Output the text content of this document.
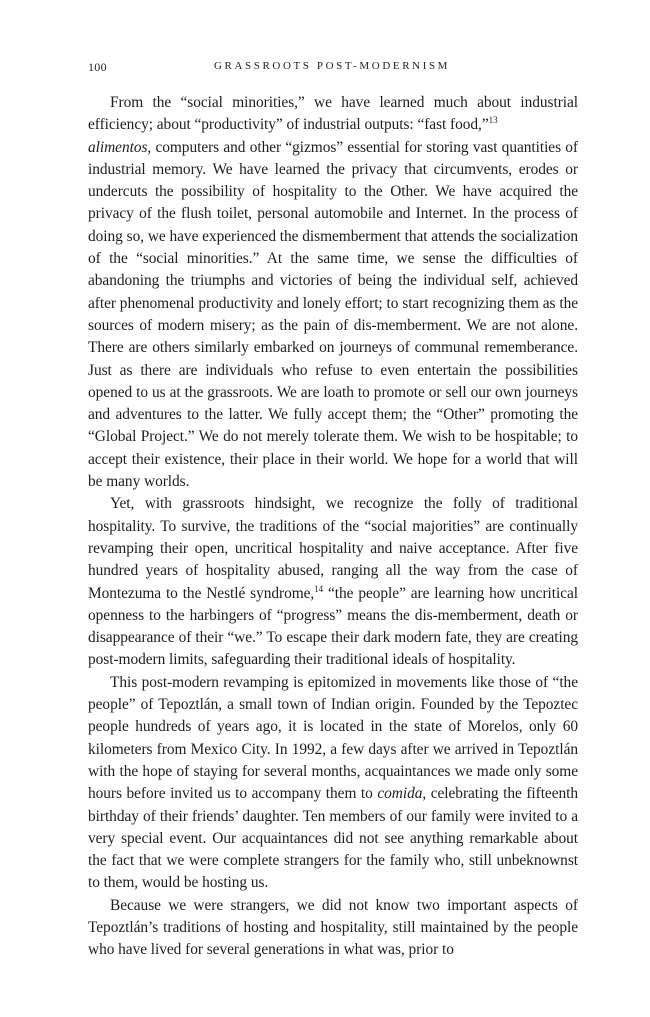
100	GRASSROOTS POST-MODERNISM

From the “social minorities,” we have learned much about industrial efficiency; about “productivity” of industrial outputs: “fast food,”$^{13}$
alimentos, computers and other “gizmos” essential for storing vast quantities of industrial memory. We have learned the privacy that circumvents, erodes or undercuts the possibility of hospitality to the Other. We have acquired the privacy of the flush toilet, personal automobile and Internet. In the process of doing so, we have experienced the dismemberment that attends the socialization of the “social minorities.” At the same time, we sense the difficulties of abandoning the triumphs and victories of being the individual self, achieved after phenomenal productivity and lonely effort; to start recognizing them as the sources of modern misery; as the pain of dis-memberment. We are not alone. There are others similarly embarked on journeys of communal rememberance. Just as there are individuals who refuse to even entertain the possibilities opened to us at the grassroots. We are loath to promote or sell our own journeys and adventures to the latter. We fully accept them; the “Other” promoting the “Global Project.” We do not merely tolerate them. We wish to be hospitable; to accept their existence, their place in their world. We hope for a world that will be many worlds.

Yet, with grassroots hindsight, we recognize the folly of traditional hospitality. To survive, the traditions of the “social majorities” are continually revamping their open, uncritical hospitality and naive acceptance. After five hundred years of hospitality abused, ranging all the way from the case of Montezuma to the Nestlé syndrome,$^{14}$ “the people” are learning how uncritical openness to the harbingers of “progress” means the dis-memberment, death or disappearance of their “we.” To escape their dark modern fate, they are creating post-modern limits, safeguarding their traditional ideals of hospitality.

This post-modern revamping is epitomized in movements like those of “the people” of Tepoztlán, a small town of Indian origin. Founded by the Tepoztec people hundreds of years ago, it is located in the state of Morelos, only 60 kilometers from Mexico City. In 1992, a few days after we arrived in Tepoztlán with the hope of staying for several months, acquaintances we made only some hours before invited us to accompany them to comida, celebrating the fifteenth birthday of their friends’ daughter. Ten members of our family were invited to a very special event. Our acquaintances did not see anything remarkable about the fact that we were complete strangers for the family who, still unbeknownst to them, would be hosting us.

Because we were strangers, we did not know two important aspects of Tepoztlán’s traditions of hosting and hospitality, still maintained by the people who have lived for several generations in what was, prior to
